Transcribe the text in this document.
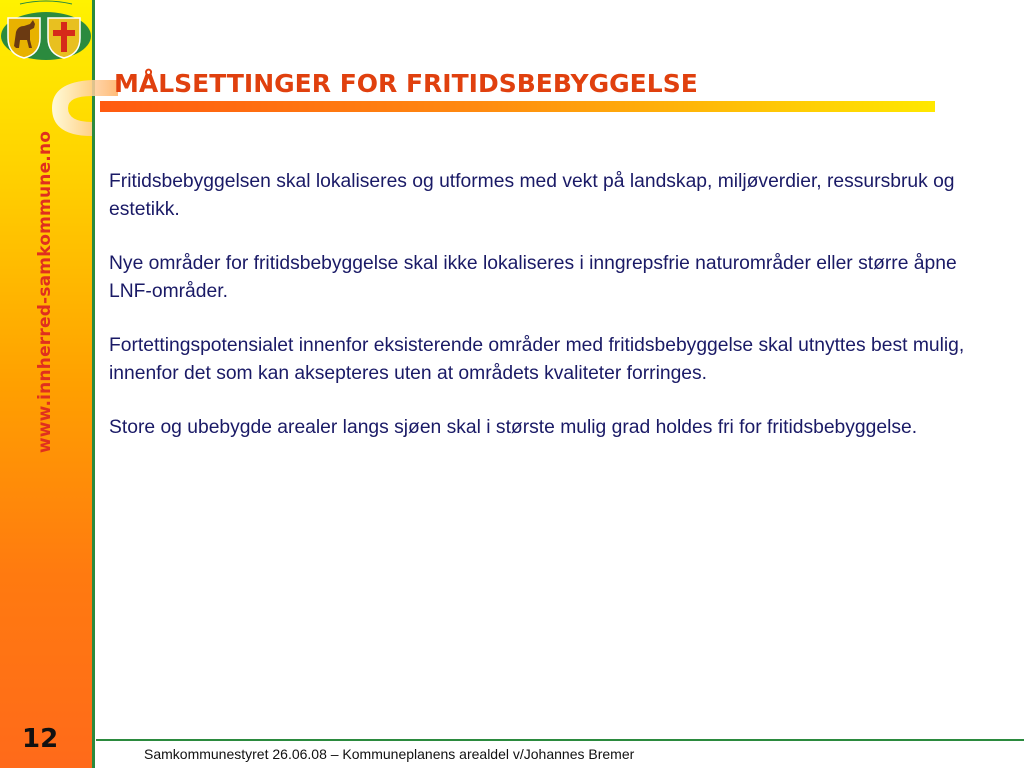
www.innherred-samkommune.no
12
MÅLSETTINGER FOR FRITIDSBEBYGGELSE

Fritidsbebyggelsen skal lokaliseres og utformes med vekt på landskap, miljøverdier, ressursbruk og estetikk.

Nye områder for fritidsbebyggelse skal ikke lokaliseres i inngrepsfrie naturområder eller større åpne LNF-områder.

Fortettingspotensialet innenfor eksisterende områder med fritidsbebyggelse skal utnyttes best mulig, innenfor det som kan aksepteres uten at områdets kvaliteter forringes.

Store og ubebygde arealer langs sjøen skal i største mulig grad holdes fri for fritidsbebyggelse.

Samkommunestyret 26.06.08 – Kommuneplanens arealdel v/Johannes Bremer
